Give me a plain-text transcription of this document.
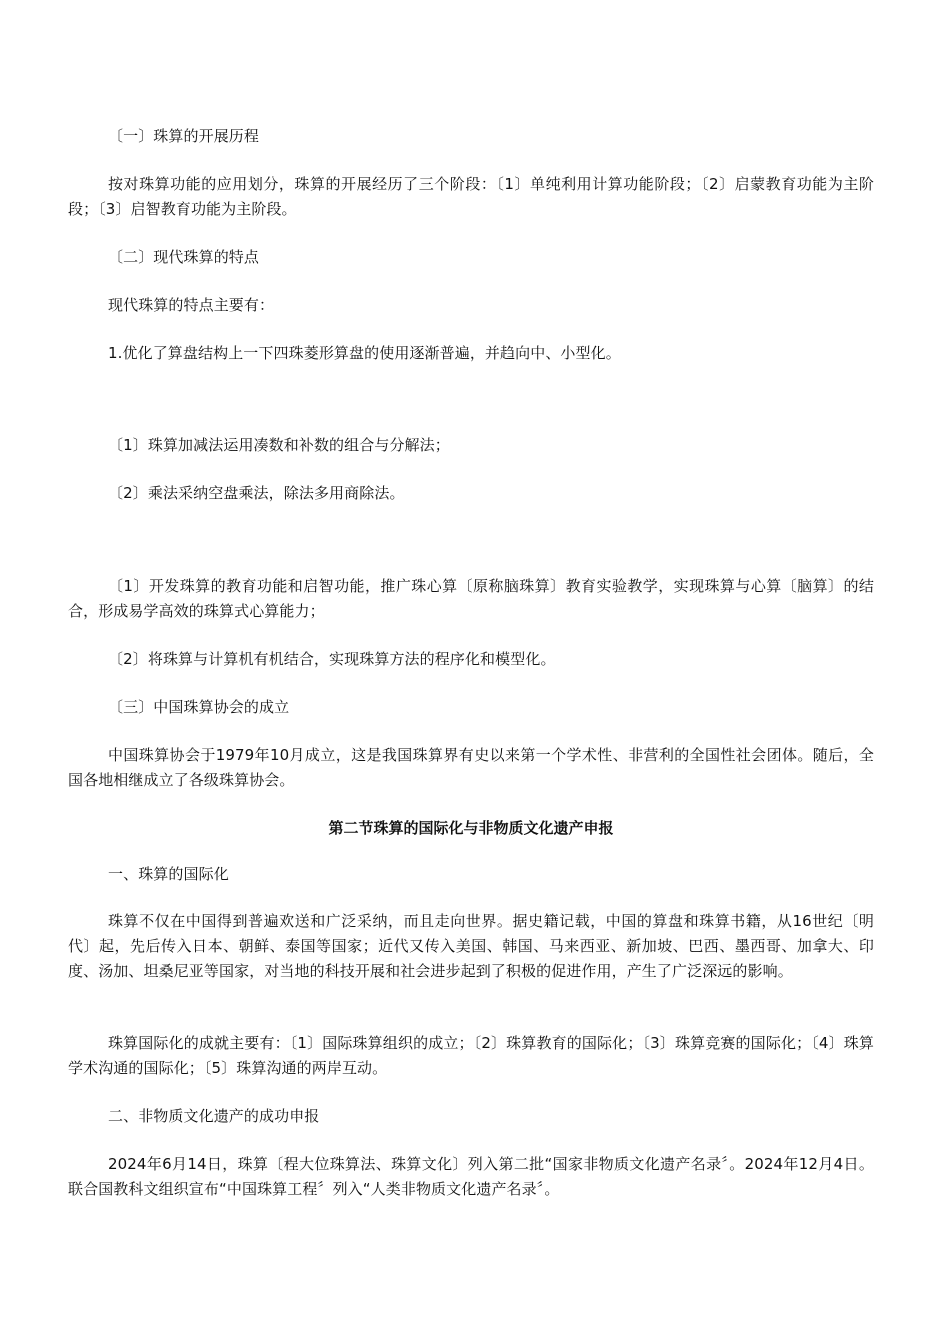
〔一〕珠算的开展历程

按对珠算功能的应用划分，珠算的开展经历了三个阶段：〔1〕单纯利用计算功能阶段；〔2〕启蒙教育功能为主阶段；〔3〕启智教育功能为主阶段。

〔二〕现代珠算的特点

现代珠算的特点主要有：

1.优化了算盘结构上一下四珠菱形算盘的使用逐渐普遍，并趋向中、小型化。

〔1〕珠算加减法运用凑数和补数的组合与分解法；

〔2〕乘法采纳空盘乘法，除法多用商除法。

〔1〕开发珠算的教育功能和启智功能，推广珠心算〔原称脑珠算〕教育实验教学，实现珠算与心算〔脑算〕的结合，形成易学高效的珠算式心算能力；

〔2〕将珠算与计算机有机结合，实现珠算方法的程序化和模型化。

〔三〕中国珠算协会的成立

中国珠算协会于1979年10月成立，这是我国珠算界有史以来第一个学术性、非营利的全国性社会团体。随后，全国各地相继成立了各级珠算协会。

第二节珠算的国际化与非物质文化遗产申报

一、珠算的国际化

珠算不仅在中国得到普遍欢送和广泛采纳，而且走向世界。据史籍记载，中国的算盘和珠算书籍，从16世纪〔明代〕起，先后传入日本、朝鲜、泰国等国家；近代又传入美国、韩国、马来西亚、新加坡、巴西、墨西哥、加拿大、印度、汤加、坦桑尼亚等国家，对当地的科技开展和社会进步起到了积极的促进作用，产生了广泛深远的影响。

珠算国际化的成就主要有：〔1〕国际珠算组织的成立；〔2〕珠算教育的国际化；〔3〕珠算竞赛的国际化；〔4〕珠算学术沟通的国际化；〔5〕珠算沟通的两岸互动。

二、非物质文化遗产的成功申报

2024年6月14日，珠算〔程大位珠算法、珠算文化〕列入第二批“国家非物质文化遗产名录〞。2024年12月4日。联合国教科文组织宣布“中国珠算工程〞列入“人类非物质文化遗产名录〞。
